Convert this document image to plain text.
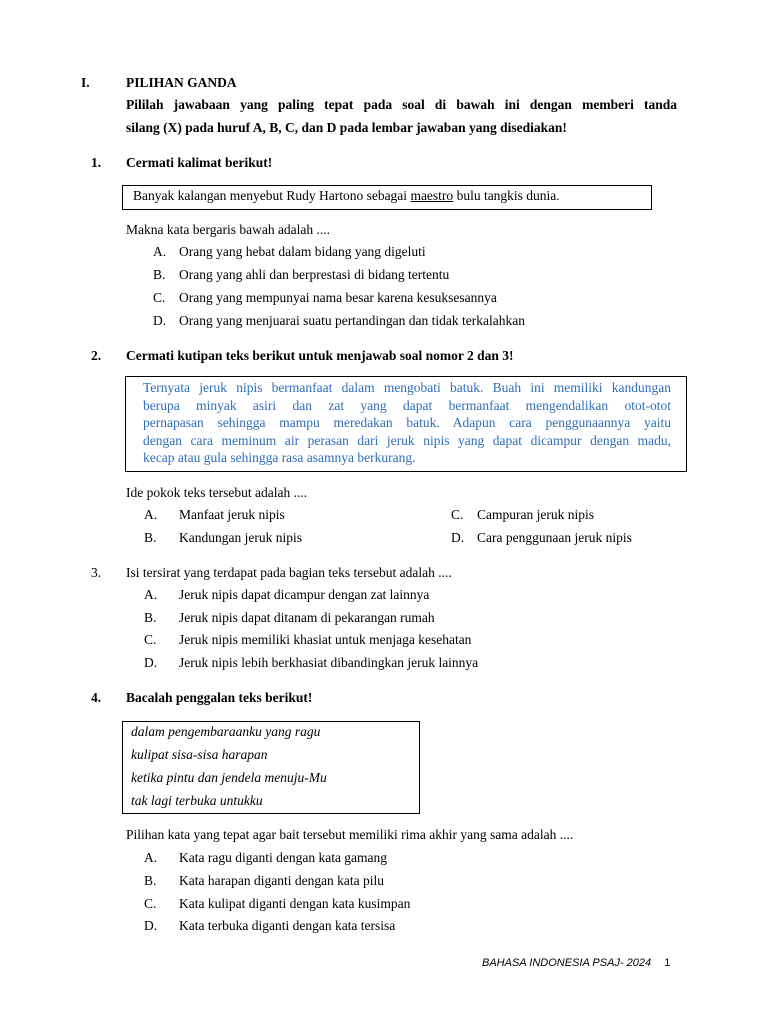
I.	PILIHAN GANDA
Pililah jawabaan yang paling tepat pada soal di bawah ini dengan memberi tanda
silang (X) pada huruf A, B, C, dan D pada lembar jawaban yang disediakan!
1. Cermati kalimat berikut!
Banyak kalangan menyebut Rudy Hartono sebagai maestro bulu tangkis dunia.
Makna kata bergaris bawah adalah ....
A. Orang yang hebat dalam bidang yang digeluti
B. Orang yang ahli dan berprestasi di bidang tertentu
C. Orang yang mempunyai nama besar karena kesuksesannya
D. Orang yang menjuarai suatu pertandingan dan tidak terkalahkan
2. Cermati kutipan teks berikut untuk menjawab soal nomor 2 dan 3!
Ternyata jeruk nipis bermanfaat dalam mengobati batuk. Buah ini memiliki kandungan
berupa minyak asiri dan zat yang dapat bermanfaat mengendalikan otot-otot
pernapasan sehingga mampu meredakan batuk. Adapun cara penggunaannya yaitu
dengan cara meminum air perasan dari jeruk nipis yang dapat dicampur dengan madu,
kecap atau gula sehingga rasa asamnya berkurang.
Ide pokok teks tersebut adalah ....
A. Manfaat jeruk nipis	C. Campuran jeruk nipis
B. Kandungan jeruk nipis	D. Cara penggunaan jeruk nipis
3. Isi tersirat yang terdapat pada bagian teks tersebut adalah ....
A. Jeruk nipis dapat dicampur dengan zat lainnya
B. Jeruk nipis dapat ditanam di pekarangan rumah
C. Jeruk nipis memiliki khasiat untuk menjaga kesehatan
D. Jeruk nipis lebih berkhasiat dibandingkan jeruk lainnya
4. Bacalah penggalan teks berikut!
dalam pengembaraanku yang ragu
kulipat sisa-sisa harapan
ketika pintu dan jendela menuju-Mu
tak lagi terbuka untukku
Pilihan kata yang tepat agar bait tersebut memiliki rima akhir yang sama adalah ....
A. Kata ragu diganti dengan kata gamang
B. Kata harapan diganti dengan kata pilu
C. Kata kulipat diganti dengan kata kusimpan
D. Kata terbuka diganti dengan kata tersisa
BAHASA INDONESIA PSAJ- 2024 1
